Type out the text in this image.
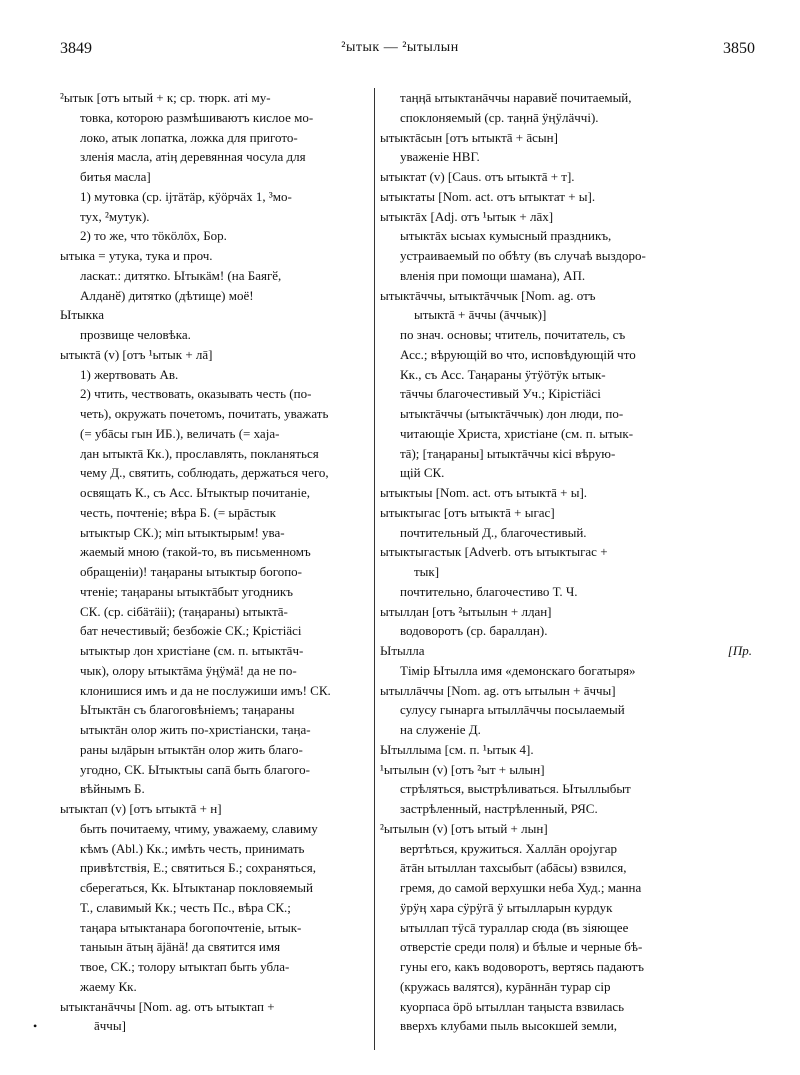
3849	²ытык — ²ытылын	3850
²ытык [отъ ытый + к; ср. тюрк. аті му-
товка, которою размѣшиваютъ кислое мо-
локо, атык лопатка, ложка для пригото-
зленія масла, атіӊ деревянная чосула для
битья масла]
1) мутовка (ср. іјтäтäр, кӱӧрчäх 1, ³мо-
тух, ²мутук).
2) то же, что тӧкӧлӧх, Бор.
ытыка = утука, тука и проч.
ласкат.: дитятко. Ытыкäм! (на Баягӗ,
Алданӗ) дитятко (дѣтище) моё!
Ытыкка
прозвище человѣка.
ытыктā (v) [отъ ¹ытык + лā]
1) жертвовать Ав.
2) чтить, чествовать, оказывать честь (по-
четь), окружать почетомъ, почитать, уважать
(= убāсы гын ИБ.), величать (= хаја-
ӆан ытыктā Кк.), прославлять, покланяться
чему Д., святить, соблюдать, держаться чего,
освящать К., съ Асс. Ытыктыр почитаніе,
честь, почтеніе; вѣра Б. (= ырāстык
ытыктыр СК.); міп ытыктырым! ува-
жаемый мною (такой-то, въ письменномъ
обращеніи)! таӊараны ытыктыр богопо-
чтеніе; таӊараны ытыктāбыт угодникъ
СК. (ср. сібäтäіі); (таӊараны) ытыктā-
бат нечестивый; безбожіе СК.; Крістіäсі
ытыктыр ӆон христіане (см. п. ытыктāч-
чык), олору ытыктāма ӱӊӱмӓ! да не по-
клонишися имъ и да не послужиши имъ! СК.
Ытыктāн съ благоговѣніемъ; таӊараны
ытыктāн олор жить по-христіански, таӊа-
раны ыӆāрын ытыктāн олор жить благо-
угодно, СК. Ытыктыы сапā быть благого-
вѣйнымъ Б.
ытыктап (v) [отъ ытыктā + н]
быть почитаему, чтиму, уважаему, славиму
кѣмъ (Abl.) Кк.; имѣть честь, принимать
привѣтствія, Е.; святиться Б.; сохраняться,
сберегаться, Кк. Ытыктанар покловяемый
Т., славимый Кк.; честь Пс., вѣра СК.;
таӊара ытыктанара богопочтеніе, ытык-
таныын āтыӊ āјäнä! да святится имя
твое, СК.; толору ытыктап быть убла-
жаему Кк.
ытыктанāччы [Nom. ag. отъ ытыктап +
āччы]
таӊӊā ытыктанāччы наравиӗ почитаемый,
споклоняемый (ср. таӊнā ӱӊӱлäччі).
ытыктāсын [отъ ытыктā + āсын]
уваженіе НВГ.
ытыктат (v) [Caus. отъ ытыктā + т].
ытыктаты [Nom. act. отъ ытыктат + ы].
ытыктāх [Adj. отъ ¹ытык + лāх]
ытыктāх ысыах кумысный праздникъ,
устраиваемый по обѣту (въ случаѣ выздоро-
вленія при помощи шамана), АП.
ытыктāччы, ытыктāччык [Nom. ag. отъ
ытыктā + āччы (āччык)]
по знач. основы; чтитель, почитатель, съ
Асс.; вѣрующій во что, исповѣдующій что
Кк., съ Асс. Таӊараны ӱтӱӧтӱк ытык-
тāччы благочестивый Уч.; Кірістіäсі
ытыктāччы (ытыктāччык) ӆон люди, по-
читающіе Христа, христіане (см. п. ытык-
тā); [таӊараны] ытыктāччы кісі вѣрую-
щій СК.
ытыктыы [Nom. act. отъ ытыктā + ы].
ытыктыгас [отъ ытыктā + ыгас]
почтительный Д., благочестивый.
ытыктыгастык [Adverb. отъ ытыктыгас +
тык]
почтительно, благочестиво Т. Ч.
ытылӆан [отъ ²ытылын + лӆан]
водоворотъ (ср. баралӆан).
Ытылла	[Пр.
Тімір Ытылла имя «демонскаго богатыря»
ытыллāччы [Nom. ag. отъ ытылын + āччы]
сулусу гынарга ытыллāччы посылаемый
на служеніе Д.
Ытыллыма [см. п. ¹ытык 4].
¹ытылын (v) [отъ ²ыт + ылын]
стрѣляться, выстрѣливаться. Ытыллыбыт
застрѣленный, настрѣленный, РЯС.
²ытылын (v) [отъ ытый + лын]
вертѣться, кружиться. Халлāн оројугар
āтāн ытыллан тахсыбыт (абāсы) взвился,
гремя, до самой верхушки неба Худ.; манна
ӱрӱӊ хара сӱрӱгā ӱ ытылларын курдук
ытыллап тӱсā тураллар сюда (въ зіяющее
отверстіе среди поля) и бѣлые и черные бѣ-
гуны его, какъ водоворотъ, вертясь падаютъ
(кружась валятся), курāннāн турар сір
куорпаса ӧрӧ ытыллан таӊыста взвилась
вверхъ клубами пыль высокшей земли,
•
